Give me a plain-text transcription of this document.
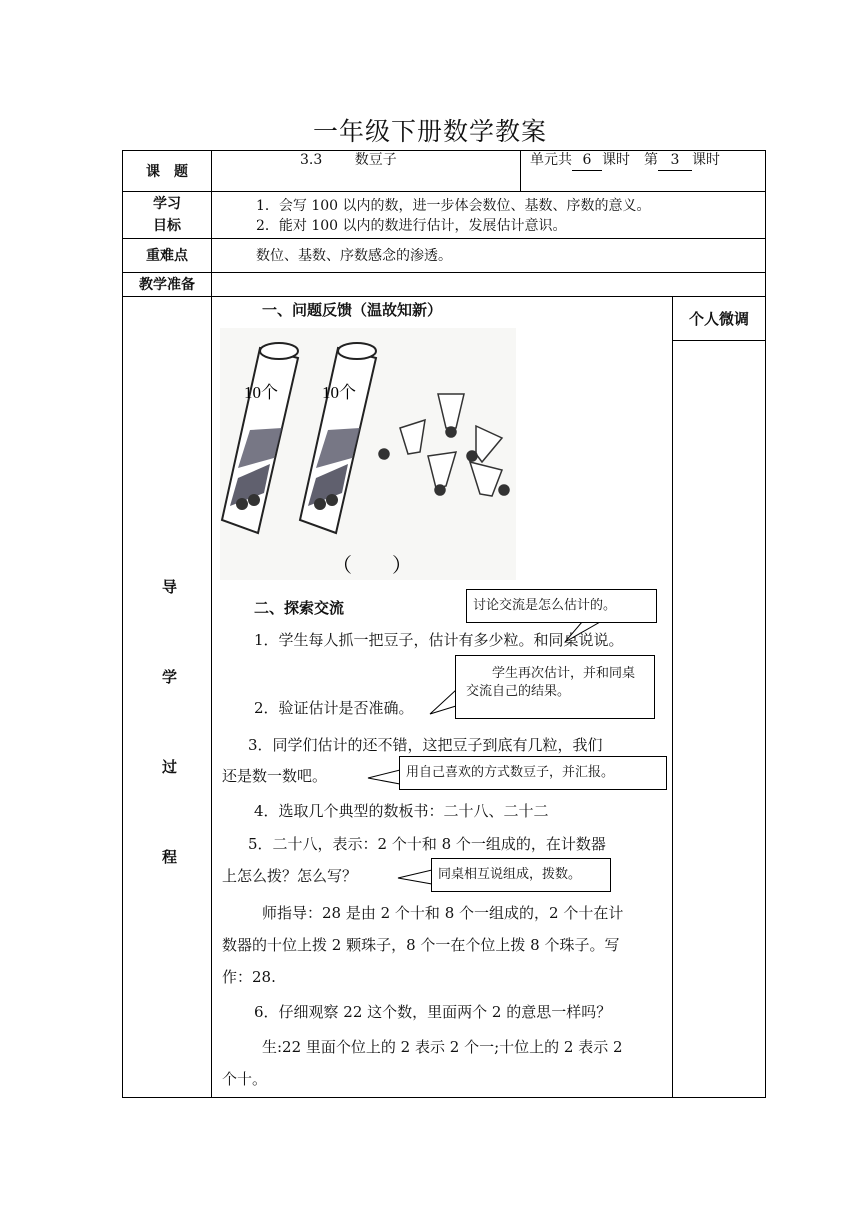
一年级下册数学教案
课　题
3.3　　 数豆子	单元共 6 课时　第 3 课时
学习
目标
1．会写 100 以内的数，进一步体会数位、基数、序数的意义。
2．能对 100 以内的数进行估计，发展估计意识。
重难点	数位、基数、序数感念的渗透。
教学准备
导
学
过
程
个人微调
一、问题反馈（温故知新）
10个	10个
（　　）
二、探索交流
1．学生每人抓一把豆子，估计有多少粒。和同桌说说。
2．验证估计是否准确。
3．同学们估计的还不错，这把豆子到底有几粒，我们
还是数一数吧。
4．选取几个典型的数板书：二十八、二十二
5．二十八，表示：2 个十和 8 个一组成的，在计数器
上怎么拨？怎么写？
师指导：28 是由 2 个十和 8 个一组成的，2 个十在计
数器的十位上拨 2 颗珠子，8 个一在个位上拨 8 个珠子。写
作：28.
6．仔细观察 22 这个数，里面两个 2 的意思一样吗？
生:22 里面个位上的 2 表示 2 个一;十位上的 2 表示 2
个十。
讨论交流是怎么估计的。
学生再次估计，并和同桌交流自己的结果。
用自己喜欢的方式数豆子，并汇报。
同桌相互说组成，拨数。
